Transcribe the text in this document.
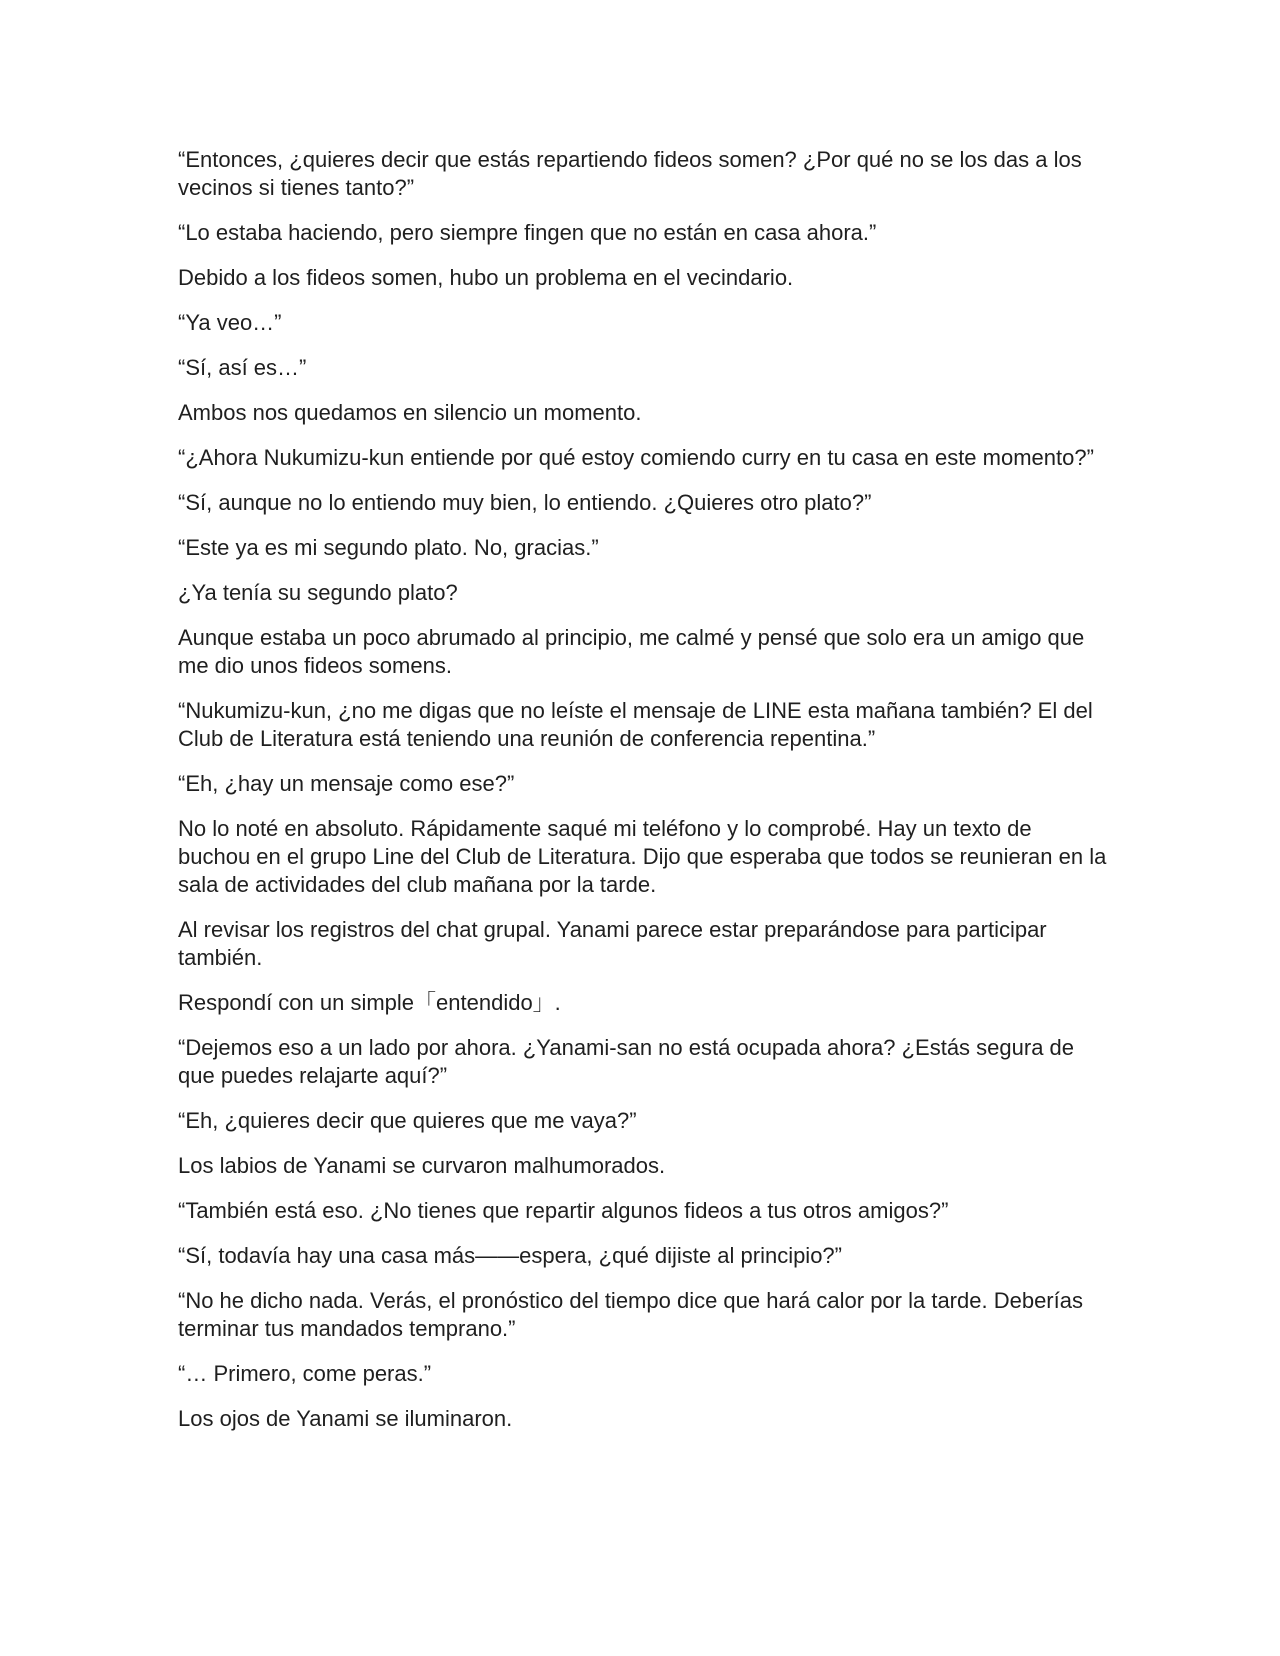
“Entonces, ¿quieres decir que estás repartiendo fideos somen? ¿Por qué no se los das a los vecinos si tienes tanto?”

“Lo estaba haciendo, pero siempre fingen que no están en casa ahora.”

Debido a los fideos somen, hubo un problema en el vecindario.

“Ya veo…”

“Sí, así es…”

Ambos nos quedamos en silencio un momento.

“¿Ahora Nukumizu-kun entiende por qué estoy comiendo curry en tu casa en este momento?”

“Sí, aunque no lo entiendo muy bien, lo entiendo. ¿Quieres otro plato?”

“Este ya es mi segundo plato. No, gracias.”

¿Ya tenía su segundo plato?

Aunque estaba un poco abrumado al principio, me calmé y pensé que solo era un amigo que me dio unos fideos somens.

“Nukumizu-kun, ¿no me digas que no leíste el mensaje de LINE esta mañana también? El del Club de Literatura está teniendo una reunión de conferencia repentina.”

“Eh, ¿hay un mensaje como ese?”

No lo noté en absoluto. Rápidamente saqué mi teléfono y lo comprobé. Hay un texto de buchou en el grupo Line del Club de Literatura. Dijo que esperaba que todos se reunieran en la sala de actividades del club mañana por la tarde.

Al revisar los registros del chat grupal. Yanami parece estar preparándose para participar también.

Respondí con un simple「entendido」.

“Dejemos eso a un lado por ahora. ¿Yanami-san no está ocupada ahora? ¿Estás segura de que puedes relajarte aquí?”

“Eh, ¿quieres decir que quieres que me vaya?”

Los labios de Yanami se curvaron malhumorados.

“También está eso. ¿No tienes que repartir algunos fideos a tus otros amigos?”

“Sí, todavía hay una casa más——espera, ¿qué dijiste al principio?”

“No he dicho nada. Verás, el pronóstico del tiempo dice que hará calor por la tarde. Deberías terminar tus mandados temprano.”

“… Primero, come peras.”

Los ojos de Yanami se iluminaron.
